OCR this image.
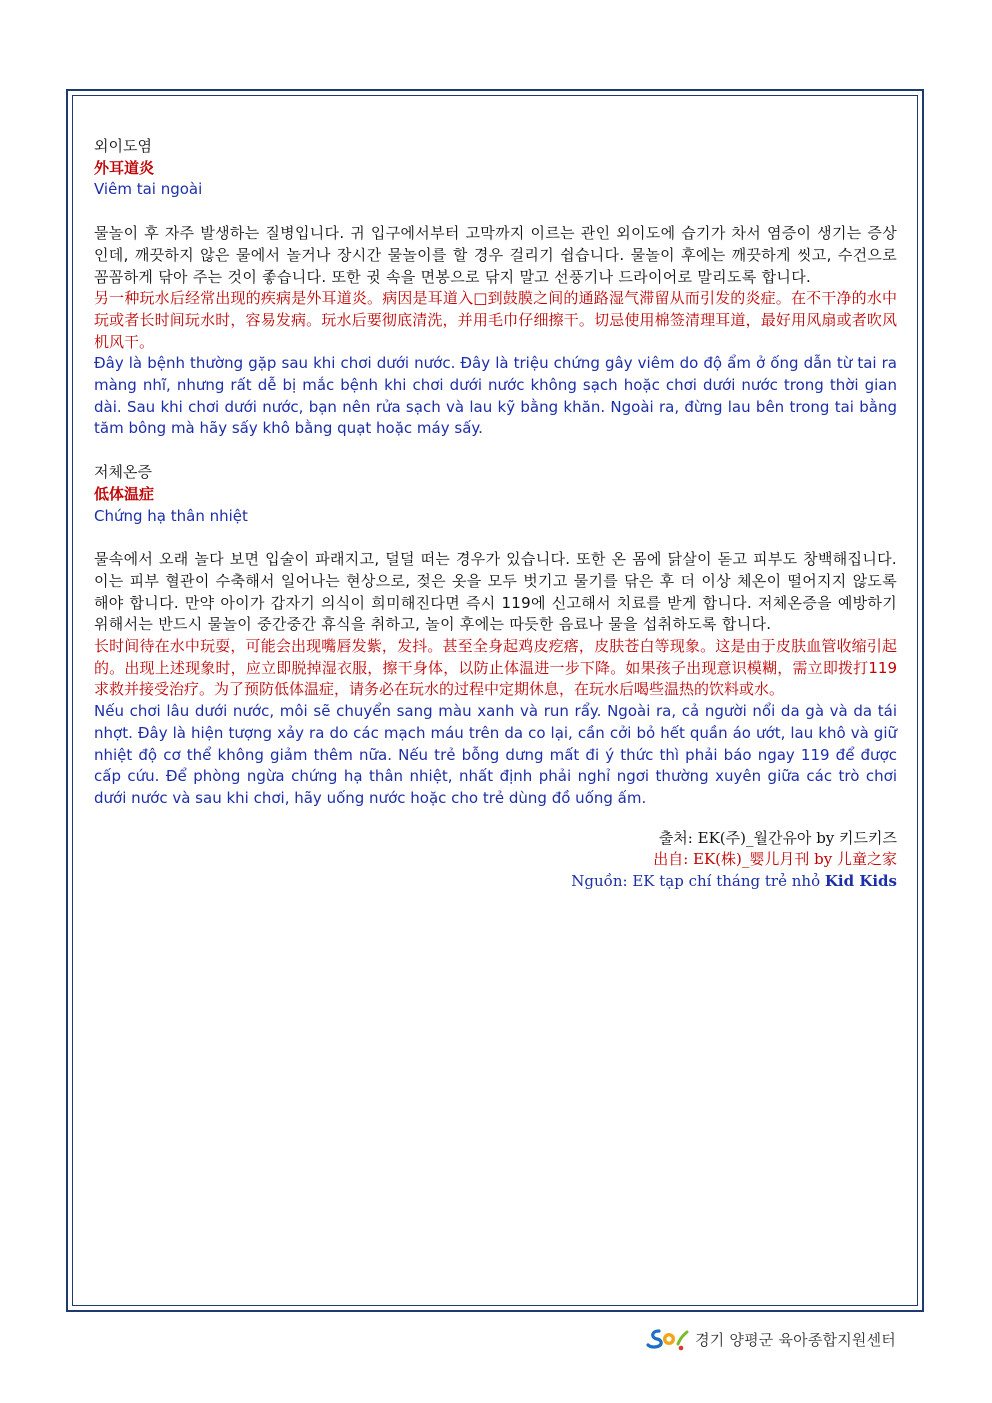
외이도염
外耳道炎
Viêm tai ngoài
물놀이 후 자주 발생하는 질병입니다. 귀 입구에서부터 고막까지 이르는 관인 외이도에 습기가 차서 염증이 생기는 증상인데, 깨끗하지 않은 물에서 놀거나 장시간 물놀이를 할 경우 걸리기 쉽습니다. 물놀이 후에는 깨끗하게 씻고, 수건으로 꼼꼼하게 닦아 주는 것이 좋습니다. 또한 귓 속을 면봉으로 닦지 말고 선풍기나 드라이어로 말리도록 합니다.
另一种玩水后经常出现的疾病是外耳道炎。病因是耳道入□到鼓膜之间的通路湿气滞留从而引发的炎症。在不干净的水中玩或者长时间玩水时，容易发病。玩水后要彻底清洗，并用毛巾仔细擦干。切忌使用棉签清理耳道，最好用风扇或者吹风机风干。
Đây là bệnh thường gặp sau khi chơi dưới nước. Đây là triệu chứng gây viêm do độ ẩm ở ống dẫn từ tai ra màng nhĩ, nhưng rất dễ bị mắc bệnh khi chơi dưới nước không sạch hoặc chơi dưới nước trong thời gian dài. Sau khi chơi dưới nước, bạn nên rửa sạch và lau kỹ bằng khăn. Ngoài ra, đừng lau bên trong tai bằng tăm bông mà hãy sấy khô bằng quạt hoặc máy sấy.
저체온증
低体温症
Chứng hạ thân nhiệt
물속에서 오래 놀다 보면 입술이 파래지고, 덜덜 떠는 경우가 있습니다. 또한 온 몸에 닭살이 돋고 피부도 창백해집니다. 이는 피부 혈관이 수축해서 일어나는 현상으로, 젖은 옷을 모두 벗기고 물기를 닦은 후 더 이상 체온이 떨어지지 않도록 해야 합니다. 만약 아이가 갑자기 의식이 희미해진다면 즉시 119에 신고해서 치료를 받게 합니다. 저체온증을 예방하기 위해서는 반드시 물놀이 중간중간 휴식을 취하고, 놀이 후에는 따듯한 음료나 물을 섭취하도록 합니다.
长时间待在水中玩耍，可能会出现嘴唇发紫，发抖。甚至全身起鸡皮疙瘩，皮肤苍白等现象。这是由于皮肤血管收缩引起的。出现上述现象时，应立即脱掉湿衣服，擦干身体，以防止体温进一步下降。如果孩子出现意识模糊，需立即拨打119求救并接受治疗。为了预防低体温症，请务必在玩水的过程中定期休息，在玩水后喝些温热的饮料或水。
Nếu chơi lâu dưới nước, môi sẽ chuyển sang màu xanh và run rẩy. Ngoài ra, cả người nổi da gà và da tái nhợt. Đây là hiện tượng xảy ra do các mạch máu trên da co lại, cần cởi bỏ hết quần áo ướt, lau khô và giữ nhiệt độ cơ thể không giảm thêm nữa. Nếu trẻ bỗng dưng mất đi ý thức thì phải báo ngay 119 để được cấp cứu. Để phòng ngừa chứng hạ thân nhiệt, nhất định phải nghỉ ngơi thường xuyên giữa các trò chơi dưới nước và sau khi chơi, hãy uống nước hoặc cho trẻ dùng đồ uống ấm.
출처: EK(주)_월간유아 by 키드키즈
出自: EK(株)_婴儿月刊 by 儿童之家
Nguồn: EK tạp chí tháng trẻ nhỏ Kid Kids
경기 양평군 육아종합지원센터
